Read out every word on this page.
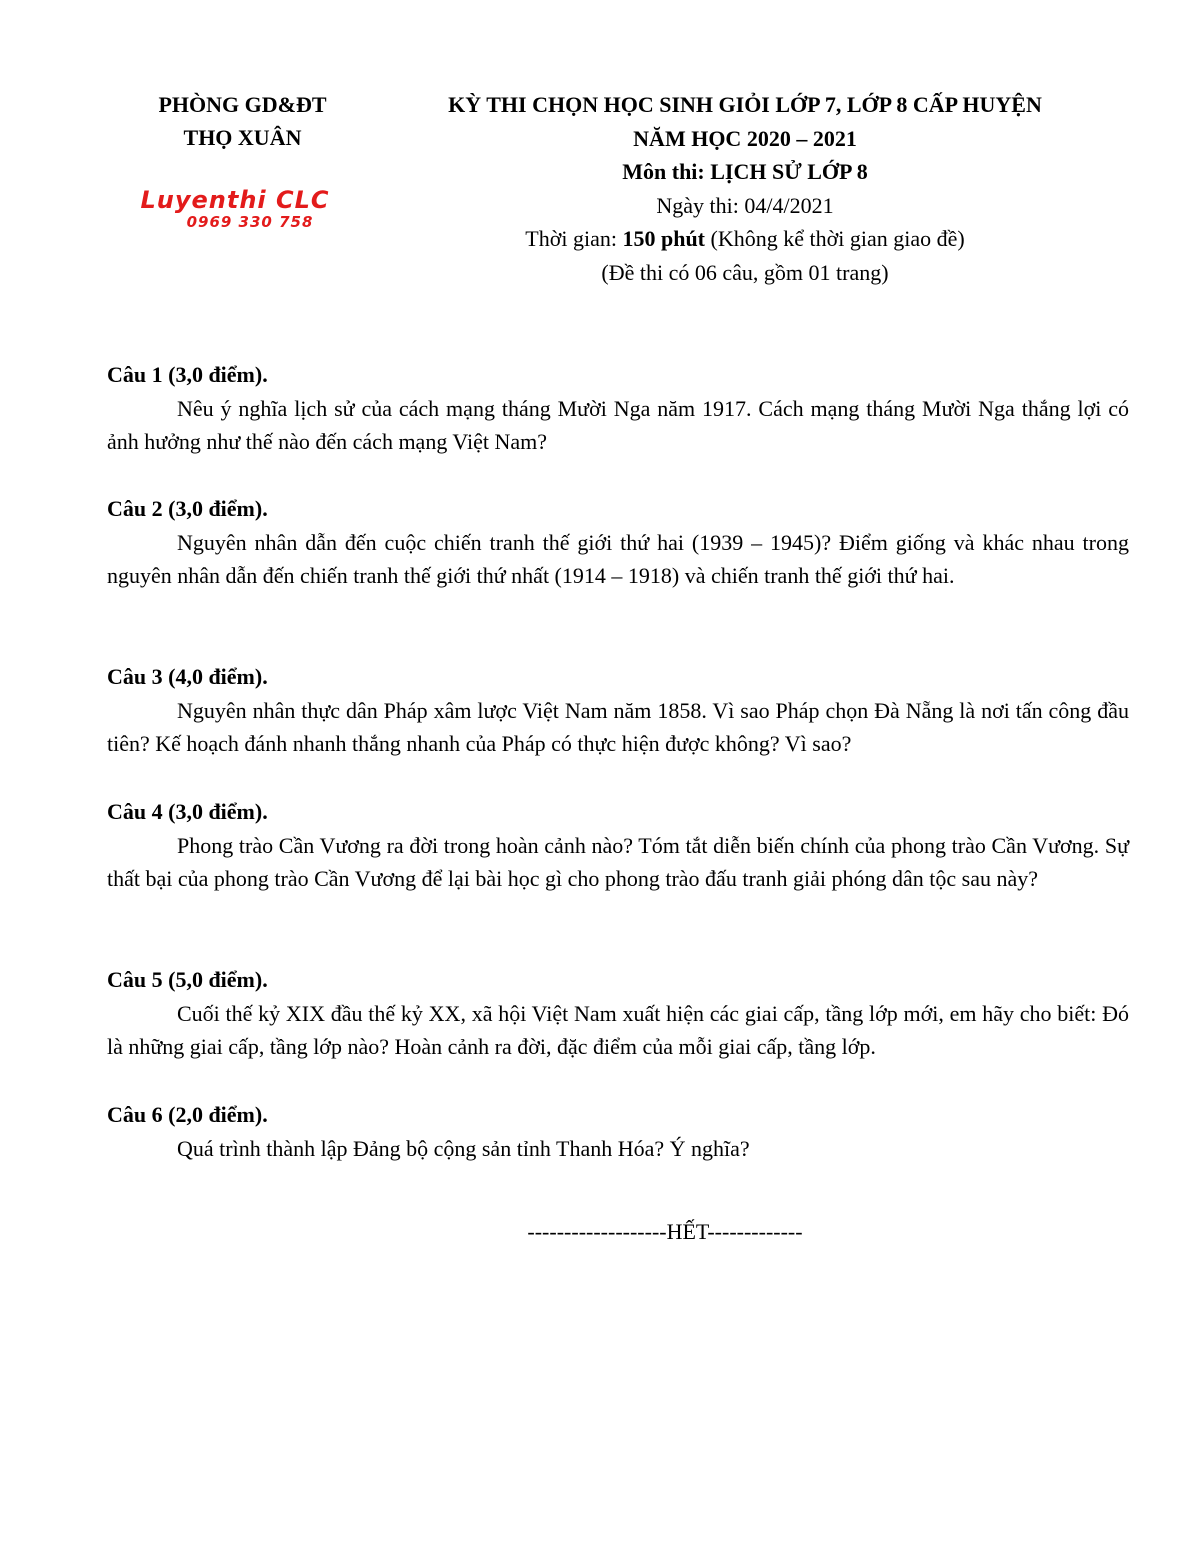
PHÒNG GD&ĐT
THỌ XUÂN
Luyenthi CLC
0969 330 758
KỲ THI CHỌN HỌC SINH GIỎI LỚP 7, LỚP 8 CẤP HUYỆN
NĂM HỌC 2020 – 2021
Môn thi: LỊCH SỬ LỚP 8
Ngày thi: 04/4/2021
Thời gian: 150 phút (Không kể thời gian giao đề)
(Đề thi có 06 câu, gồm 01 trang)
Câu 1 (3,0 điểm).

Nêu ý nghĩa lịch sử của cách mạng tháng Mười Nga năm 1917. Cách mạng tháng Mười Nga thắng lợi có ảnh hưởng như thế nào đến cách mạng Việt Nam?

Câu 2 (3,0 điểm).

Nguyên nhân dẫn đến cuộc chiến tranh thế giới thứ hai (1939 – 1945)? Điểm giống và khác nhau trong nguyên nhân dẫn đến chiến tranh thế giới thứ nhất (1914 – 1918) và chiến tranh thế giới thứ hai.

Câu 3 (4,0 điểm).

Nguyên nhân thực dân Pháp xâm lược Việt Nam năm 1858. Vì sao Pháp chọn Đà Nẵng là nơi tấn công đầu tiên? Kế hoạch đánh nhanh thắng nhanh của Pháp có thực hiện được không? Vì sao?

Câu 4 (3,0 điểm).

Phong trào Cần Vương ra đời trong hoàn cảnh nào? Tóm tắt diễn biến chính của phong trào Cần Vương. Sự thất bại của phong trào Cần Vương để lại bài học gì cho phong trào đấu tranh giải phóng dân tộc sau này?

Câu 5 (5,0 điểm).

Cuối thế kỷ XIX đầu thế kỷ XX, xã hội Việt Nam xuất hiện các giai cấp, tầng lớp mới, em hãy cho biết: Đó là những giai cấp, tầng lớp nào? Hoàn cảnh ra đời, đặc điểm của mỗi giai cấp, tầng lớp.

Câu 6 (2,0 điểm).

Quá trình thành lập Đảng bộ cộng sản tỉnh Thanh Hóa? Ý nghĩa?

-------------------HẾT-------------
